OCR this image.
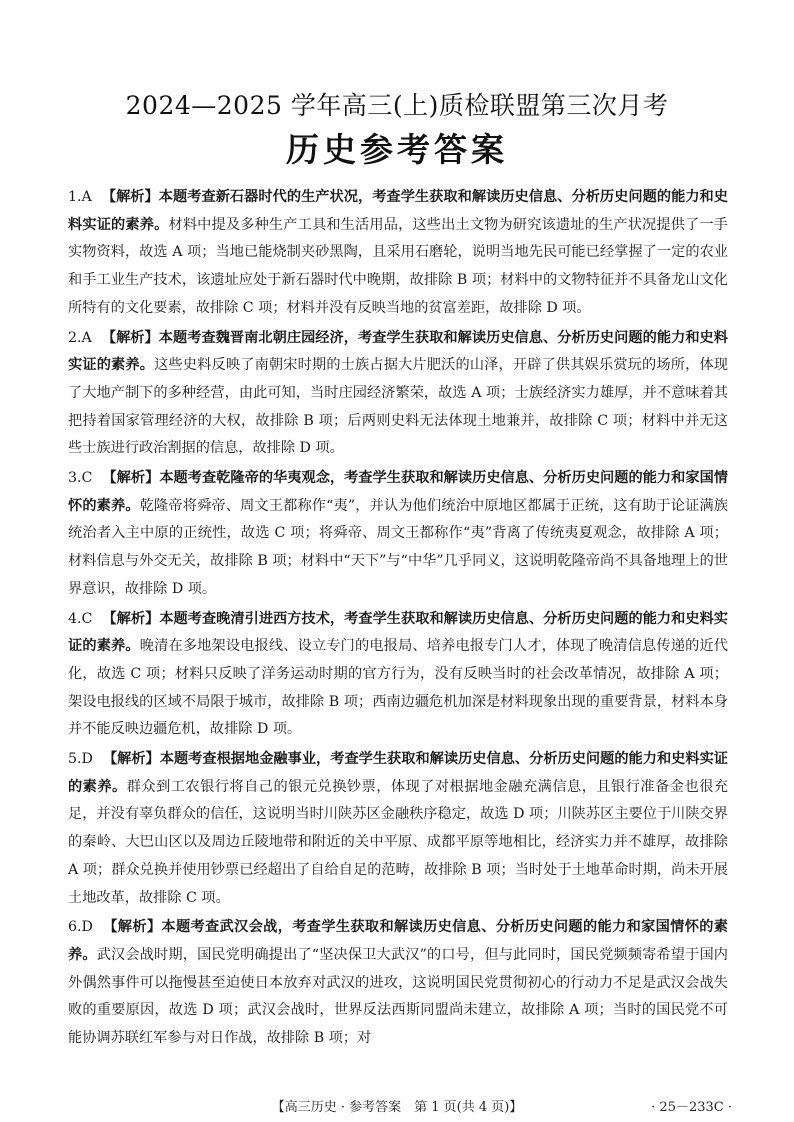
2024—2025 学年高三(上)质检联盟第三次月考
历史参考答案

1.A 【解析】本题考查新石器时代的生产状况，考查学生获取和解读历史信息、分析历史问题的能力和史料实证的素养。材料中提及多种生产工具和生活用品，这些出土文物为研究该遗址的生产状况提供了一手实物资料，故选 A 项；当地已能烧制夹砂黑陶，且采用石磨轮，说明当地先民可能已经掌握了一定的农业和手工业生产技术，该遗址应处于新石器时代中晚期，故排除 B 项；材料中的文物特征并不具备龙山文化所特有的文化要素，故排除 C 项；材料并没有反映当地的贫富差距，故排除 D 项。

2.A 【解析】本题考查魏晋南北朝庄园经济，考查学生获取和解读历史信息、分析历史问题的能力和史料实证的素养。这些史料反映了南朝宋时期的士族占据大片肥沃的山泽，开辟了供其娱乐赏玩的场所，体现了大地产制下的多种经营，由此可知，当时庄园经济繁荣，故选 A 项；士族经济实力雄厚，并不意味着其把持着国家管理经济的大权，故排除 B 项；后两则史料无法体现土地兼并，故排除 C 项；材料中并无这些士族进行政治割据的信息，故排除 D 项。

3.C 【解析】本题考查乾隆帝的华夷观念，考查学生获取和解读历史信息、分析历史问题的能力和家国情怀的素养。乾隆帝将舜帝、周文王都称作“夷”，并认为他们统治中原地区都属于正统，这有助于论证满族统治者入主中原的正统性，故选 C 项；将舜帝、周文王都称作“夷”背离了传统夷夏观念，故排除 A 项；材料信息与外交无关，故排除 B 项；材料中“天下”与“中华”几乎同义，这说明乾隆帝尚不具备地理上的世界意识，故排除 D 项。

4.C 【解析】本题考查晚清引进西方技术，考查学生获取和解读历史信息、分析历史问题的能力和史料实证的素养。晚清在多地架设电报线、设立专门的电报局、培养电报专门人才，体现了晚清信息传递的近代化，故选 C 项；材料只反映了洋务运动时期的官方行为，没有反映当时的社会改革情况，故排除 A 项；架设电报线的区域不局限于城市，故排除 B 项；西南边疆危机加深是材料现象出现的重要背景，材料本身并不能反映边疆危机，故排除 D 项。

5.D 【解析】本题考查根据地金融事业，考查学生获取和解读历史信息、分析历史问题的能力和史料实证的素养。群众到工农银行将自己的银元兑换钞票，体现了对根据地金融充满信息，且银行准备金也很充足，并没有辜负群众的信任，这说明当时川陕苏区金融秩序稳定，故选 D 项；川陕苏区主要位于川陕交界的秦岭、大巴山区以及周边丘陵地带和附近的关中平原、成都平原等地相比，经济实力并不雄厚，故排除 A 项；群众兑换并使用钞票已经超出了自给自足的范畴，故排除 B 项；当时处于土地革命时期，尚未开展土地改革，故排除 C 项。

6.D 【解析】本题考查武汉会战，考查学生获取和解读历史信息、分析历史问题的能力和家国情怀的素养。武汉会战时期，国民党明确提出了“坚决保卫大武汉”的口号，但与此同时，国民党频频寄希望于国内外偶然事件可以拖慢甚至迫使日本放弃对武汉的进攻，这说明国民党贯彻初心的行动力不足是武汉会战失败的重要原因，故选 D 项；武汉会战时，世界反法西斯同盟尚未建立，故排除 A 项；当时的国民党不可能协调苏联红军参与对日作战，故排除 B 项；对

【高三历史 · 参考答案　第 1 页(共 4 页)】	· 25－233C ·
